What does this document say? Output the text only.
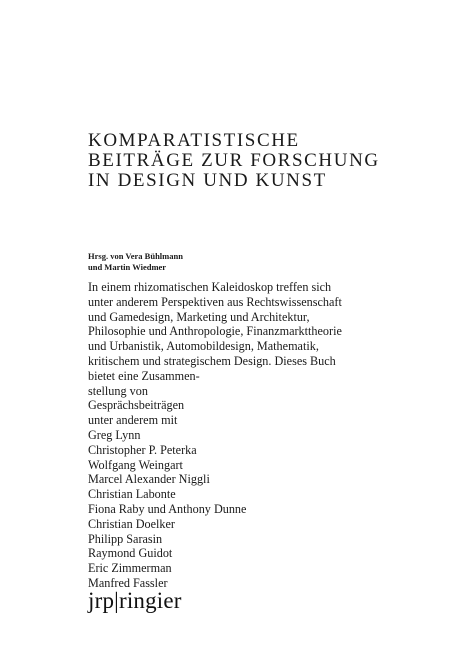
KOMPARATISTISCHE
BEITRÄGE ZUR FORSCHUNG
IN DESIGN UND KUNST
Hrsg. von Vera Bühlmann
und Martin Wiedmer
In einem rhizomatischen Kaleidoskop treffen sich
unter anderem Perspektiven aus Rechtswissenschaft
und Gamedesign, Marketing und Architektur,
Philosophie und Anthropologie, Finanzmarkttheorie
und Urbanistik, Automobildesign, Mathematik,
kritischem und strategischem Design. Dieses Buch
bietet eine Zusammen-
stellung von
Gesprächsbeiträgen
unter anderem mit
Greg Lynn
Christopher P. Peterka
Wolfgang Weingart
Marcel Alexander Niggli
Christian Labonte
Fiona Raby und Anthony Dunne
Christian Doelker
Philipp Sarasin
Raymond Guidot
Eric Zimmerman
Manfred Fassler
jrp|ringier
